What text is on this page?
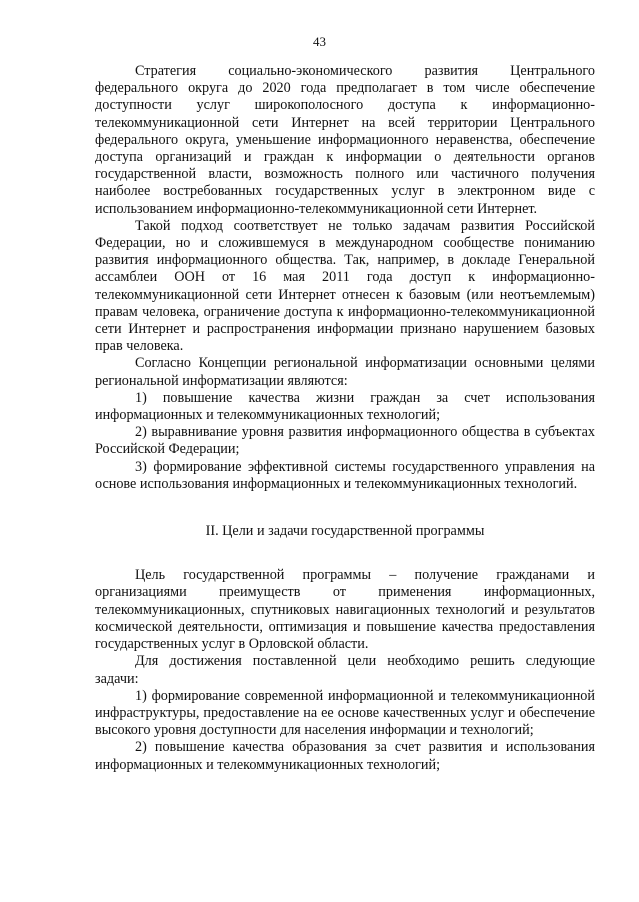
43

Стратегия социально-экономического развития Центрального федерального округа до 2020 года предполагает в том числе обеспечение доступности услуг широкополосного доступа к информационно-телекоммуникационной сети Интернет на всей территории Центрального федерального округа, уменьшение информационного неравенства, обеспечение доступа организаций и граждан к информации о деятельности органов государственной власти, возможность полного или частичного получения наиболее востребованных государственных услуг в электронном виде с использованием информационно-телекоммуникационной сети Интернет.

Такой подход соответствует не только задачам развития Российской Федерации, но и сложившемуся в международном сообществе пониманию развития информационного общества. Так, например, в докладе Генеральной ассамблеи ООН от 16 мая 2011 года доступ к информационно-телекоммуникационной сети Интернет отнесен к базовым (или неотъемлемым) правам человека, ограничение доступа к информационно-телекоммуникационной сети Интернет и распространения информации признано нарушением базовых прав человека.

Согласно Концепции региональной информатизации основными целями региональной информатизации являются:

1) повышение качества жизни граждан за счет использования информационных и телекоммуникационных технологий;

2) выравнивание уровня развития информационного общества в субъектах Российской Федерации;

3) формирование эффективной системы государственного управления на основе использования информационных и телекоммуникационных технологий.

II. Цели и задачи государственной программы

Цель государственной программы – получение гражданами и организациями преимуществ от применения информационных, телекоммуникационных, спутниковых навигационных технологий и результатов космической деятельности, оптимизация и повышение качества предоставления государственных услуг в Орловской области.

Для достижения поставленной цели необходимо решить следующие задачи:

1) формирование современной информационной и телекоммуникационной инфраструктуры, предоставление на ее основе качественных услуг и обеспечение высокого уровня доступности для населения информации и технологий;

2) повышение качества образования за счет развития и использования информационных и телекоммуникационных технологий;
